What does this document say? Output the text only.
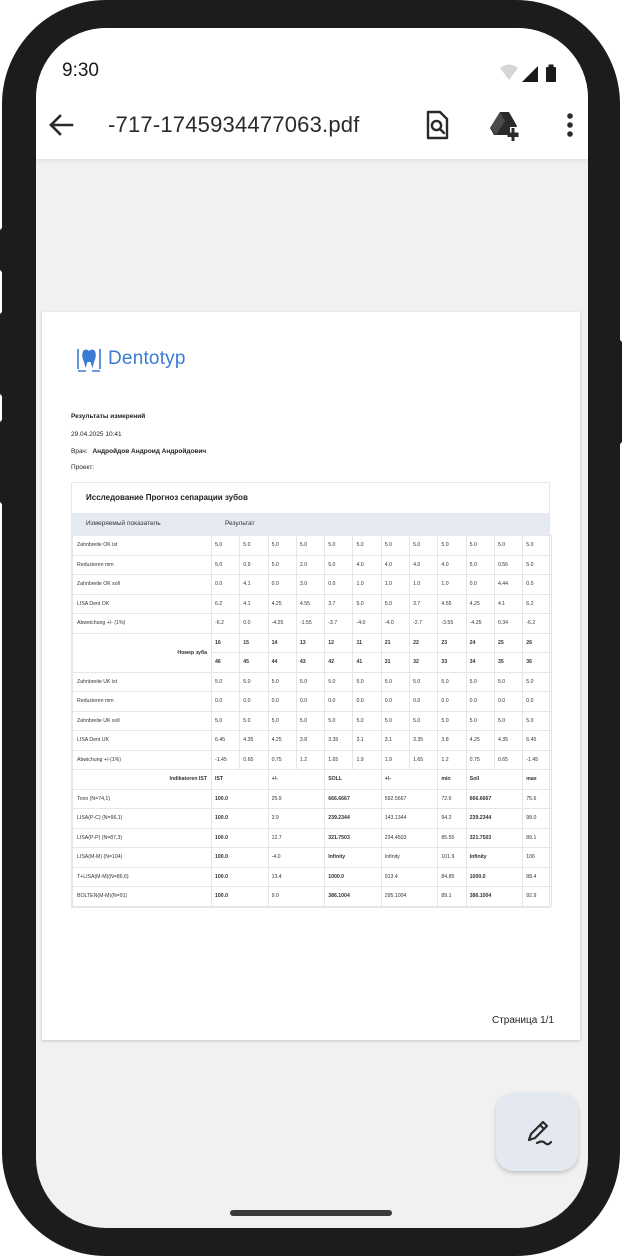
9:30
-717-1745934477063.pdf
Dentotyp
Результаты измерений
29.04.2025 10:41
Врач: Андройдов Андроид Андройдович
Проект:
Исследование Прогноз сепарации зубов
Измеряемый показатель	Результат
Zahnbreite OK ist	5.0	5.0	5.0	5.0	5.0	5.0	5.0	5.0	5.0	5.0	5.0	5.0
Reduzieren mm	5.0	0.9	5.0	2.0	5.0	4.0	4.0	4.0	4.0	5.0	0.56	5.0
Zahnbreite OK soll	0.0	4.1	0.0	3.0	0.0	1.0	1.0	1.0	1.0	0.0	4.44	0.0
LISA Dent OK	6.2	4.1	4.25	4.55	3.7	5.0	5.0	3.7	4.55	4.25	4.1	6.2
Abweichung +/- (1%)	-6.2	0.0	-4.25	-1.55	-3.7	-4.0	-4.0	-2.7	-3.55	-4.25	0.34	-6.2
Номер зуба	16	15	14	13	12	11	21	22	23	24	25	26
	46	45	44	43	42	41	31	32	33	34	35	36
Zahnbreite UK ist	5.0	5.0	5.0	5.0	5.0	5.0	5.0	5.0	5.0	5.0	5.0	5.0
Reduzieren mm	0.0	0.0	0.0	0.0	0.0	0.0	0.0	0.0	0.0	0.0	0.0	0.0
Zahnbreite UK soll	5.0	5.0	5.0	5.0	5.0	5.0	5.0	5.0	5.0	5.0	5.0	5.0
LISA Dent UK	6.45	4.35	4.25	3.8	3.35	3.1	3.1	3.35	3.8	4.25	4.35	6.45
Abwichung +/-(1%)	-1.45	0.65	0.75	1.2	1.65	1.9	1.9	1.65	1.2	0.75	0.65	-1.45
Indikatoren IST	IST		+/-		SOLL		+/-		min	Soll		max
Tonn (N=74,1)	100.0		25.9		666.6667		592.5667		72.6	666.6667		75.6
LISA(P-C) (N=96,1)	100.0		3.9		239.2344		143.1344		94.2	239.2344		98.0
LISA(P-P) (N=87,3)	100.0		12.7		321.7503		234.4503		85.55	321.7503		89.1
LISA(M-M) (N=104)	100.0		-4.0		Infinity		Infinity		101.9	Infinity		106
T+LISA(M-M)(N=86,6)	100.0		13.4		1000.0		913.4		84.85	1000.0		88.4
BOLTEN(M-M)(N=91)	100.0		9.0		386.1004		295.1004		89.1	386.1004		92.9
Страница 1/1
